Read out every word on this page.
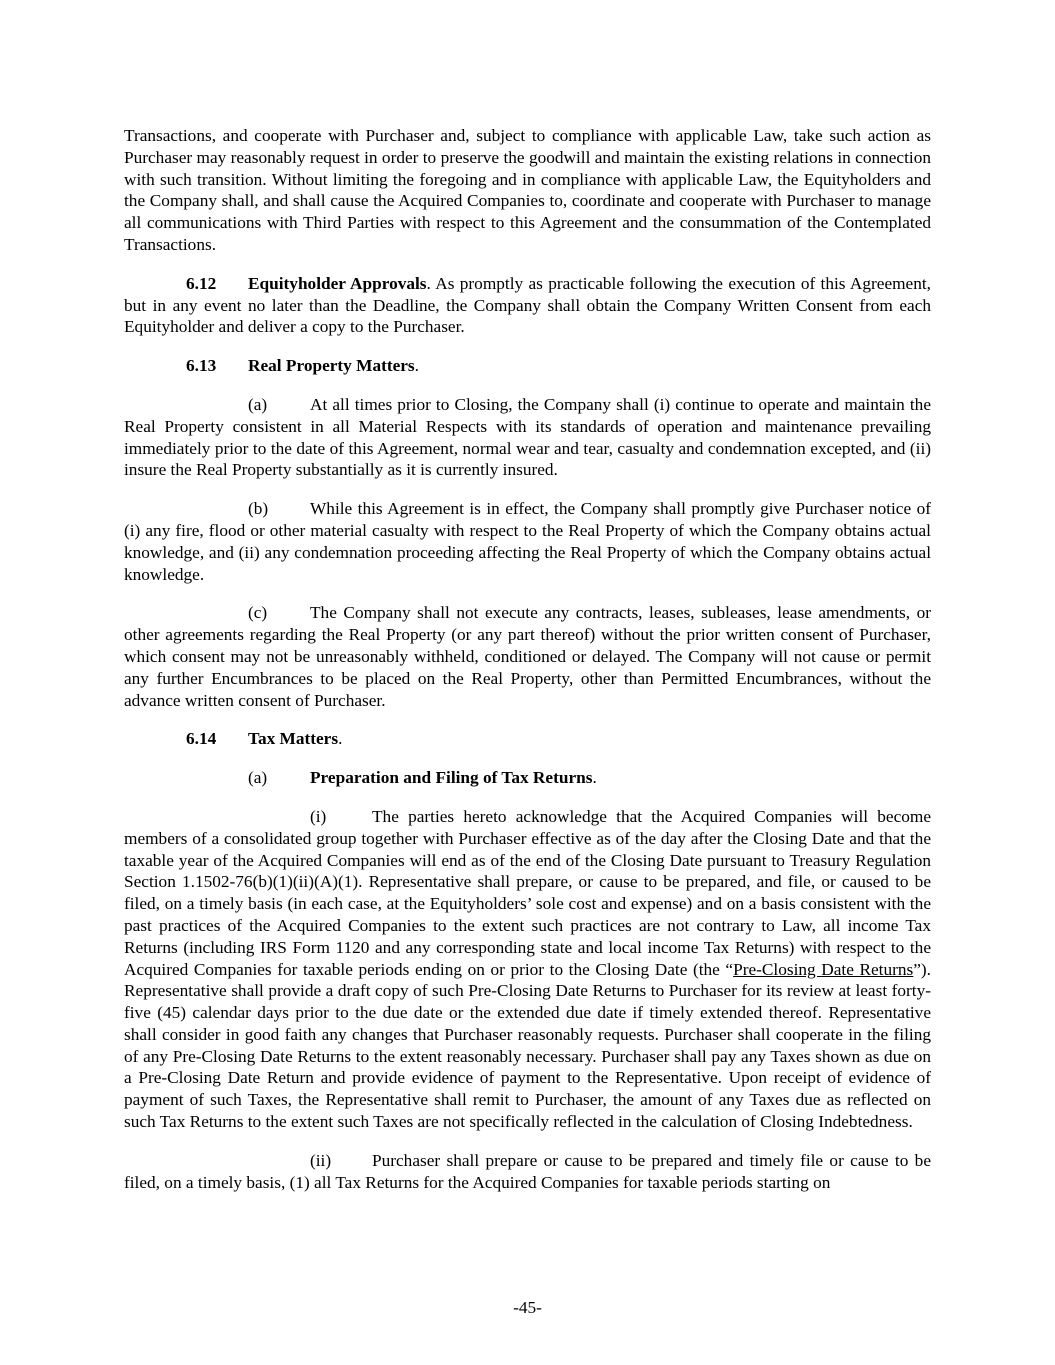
Transactions, and cooperate with Purchaser and, subject to compliance with applicable Law, take such action as Purchaser may reasonably request in order to preserve the goodwill and maintain the existing relations in connection with such transition. Without limiting the foregoing and in compliance with applicable Law, the Equityholders and the Company shall, and shall cause the Acquired Companies to, coordinate and cooperate with Purchaser to manage all communications with Third Parties with respect to this Agreement and the consummation of the Contemplated Transactions.

6.12 Equityholder Approvals. As promptly as practicable following the execution of this Agreement, but in any event no later than the Deadline, the Company shall obtain the Company Written Consent from each Equityholder and deliver a copy to the Purchaser.

6.13 Real Property Matters.

(a) At all times prior to Closing, the Company shall (i) continue to operate and maintain the Real Property consistent in all Material Respects with its standards of operation and maintenance prevailing immediately prior to the date of this Agreement, normal wear and tear, casualty and condemnation excepted, and (ii) insure the Real Property substantially as it is currently insured.

(b) While this Agreement is in effect, the Company shall promptly give Purchaser notice of (i) any fire, flood or other material casualty with respect to the Real Property of which the Company obtains actual knowledge, and (ii) any condemnation proceeding affecting the Real Property of which the Company obtains actual knowledge.

(c) The Company shall not execute any contracts, leases, subleases, lease amendments, or other agreements regarding the Real Property (or any part thereof) without the prior written consent of Purchaser, which consent may not be unreasonably withheld, conditioned or delayed. The Company will not cause or permit any further Encumbrances to be placed on the Real Property, other than Permitted Encumbrances, without the advance written consent of Purchaser.

6.14 Tax Matters.

(a) Preparation and Filing of Tax Returns.

(i)	The parties hereto acknowledge that the Acquired Companies will become members of a consolidated group together with Purchaser effective as of the day after the Closing Date and that the taxable year of the Acquired Companies will end as of the end of the Closing Date pursuant to Treasury Regulation Section 1.1502-76(b)(1)(ii)(A)(1). Representative shall prepare, or cause to be prepared, and file, or caused to be filed, on a timely basis (in each case, at the Equityholders’ sole cost and expense) and on a basis consistent with the past practices of the Acquired Companies to the extent such practices are not contrary to Law, all income Tax Returns (including IRS Form 1120 and any corresponding state and local income Tax Returns) with respect to the Acquired Companies for taxable periods ending on or prior to the Closing Date (the “Pre-Closing Date Returns”). Representative shall provide a draft copy of such Pre-Closing Date Returns to Purchaser for its review at least forty-five (45) calendar days prior to the due date or the extended due date if timely extended thereof. Representative shall consider in good faith any changes that Purchaser reasonably requests. Purchaser shall cooperate in the filing of any Pre-Closing Date Returns to the extent reasonably necessary. Purchaser shall pay any Taxes shown as due on a Pre-Closing Date Return and provide evidence of payment to the Representative. Upon receipt of evidence of payment of such Taxes, the Representative shall remit to Purchaser, the amount of any Taxes due as reflected on such Tax Returns to the extent such Taxes are not specifically reflected in the calculation of Closing Indebtedness.

(ii) Purchaser shall prepare or cause to be prepared and timely file or cause to be filed, on a timely basis, (1) all Tax Returns for the Acquired Companies for taxable periods starting on

-45-
